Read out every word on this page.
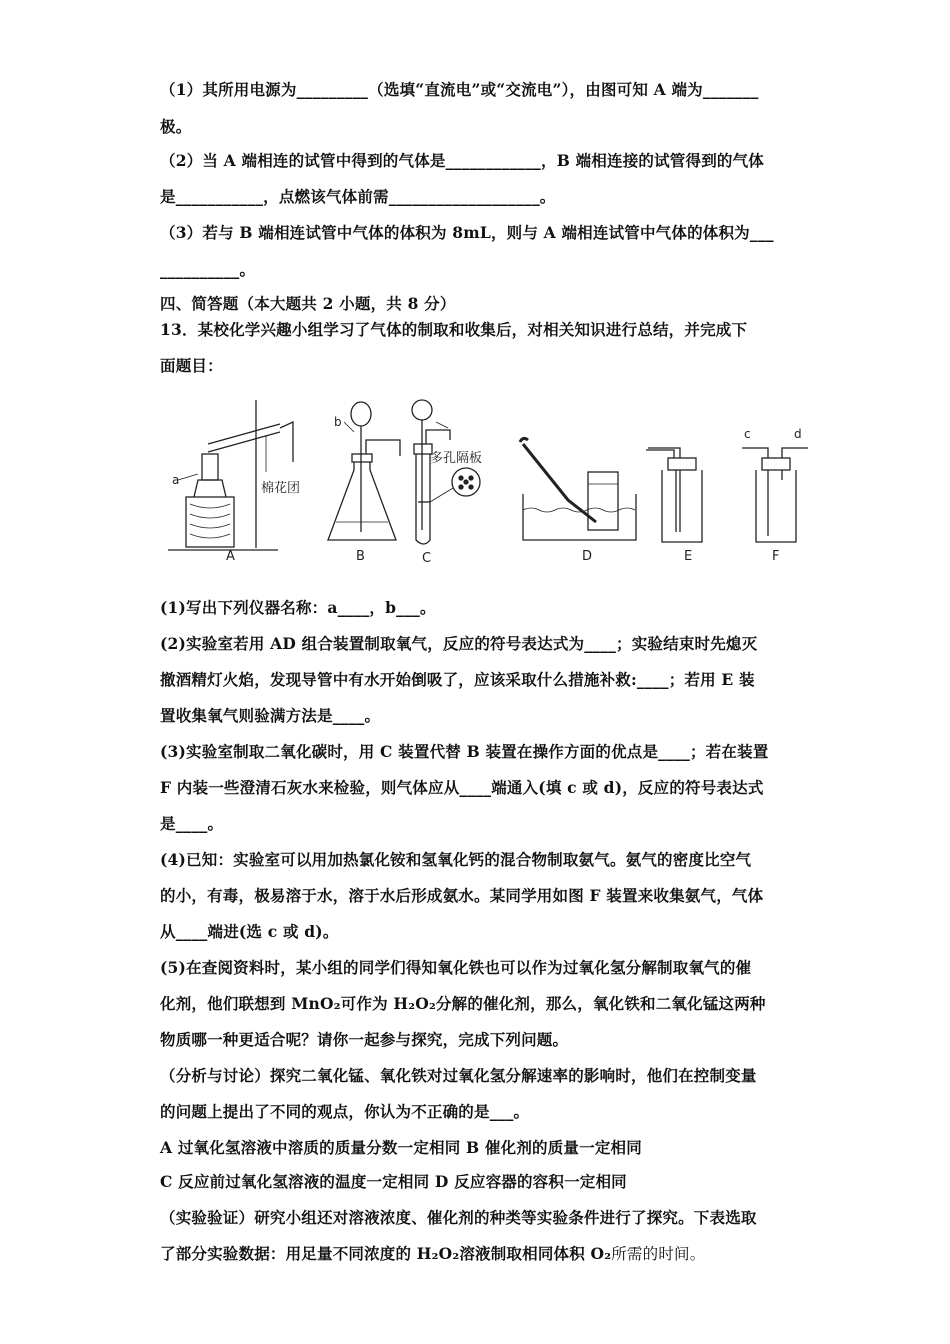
（1）其所用电源为_________（选填“直流电”或“交流电”），由图可知 A 端为_______
极。
（2）当 A 端相连的试管中得到的气体是____________，B 端相连接的试管得到的气体
是___________，点燃该气体前需___________________。
（3）若与 B 端相连试管中气体的体积为 8mL，则与 A 端相连试管中气体的体积为___
__________。
四、简答题（本大题共 2 小题，共 8 分）
13．某校化学兴趣小组学习了气体的制取和收集后，对相关知识进行总结，并完成下
面题目：
a
棉花团
A
b
B
多孔隔板
C	D	E
c	d
F
(1)写出下列仪器名称：a____，b___。
(2)实验室若用 AD 组合装置制取氧气，反应的符号表达式为____；实验结束时先熄灭
撤酒精灯火焰，发现导管中有水开始倒吸了，应该采取什么措施补救:____；若用 E 装
置收集氧气则验满方法是____。
(3)实验室制取二氧化碳时，用 C 装置代替 B 装置在操作方面的优点是____；若在装置
F 内装一些澄清石灰水来检验，则气体应从____端通入(填 c 或 d)，反应的符号表达式
是____。
(4)已知：实验室可以用加热氯化铵和氢氧化钙的混合物制取氨气。氨气的密度比空气
的小，有毒，极易溶于水，溶于水后形成氨水。某同学用如图 F 装置来收集氨气，气体
从____端进(选 c 或 d)。
(5)在查阅资料时，某小组的同学们得知氧化铁也可以作为过氧化氢分解制取氧气的催
化剂，他们联想到 MnO₂可作为 H₂O₂分解的催化剂，那么，氧化铁和二氧化锰这两种
物质哪一种更适合呢？请你一起参与探究，完成下列问题。
（分析与讨论）探究二氧化锰、氧化铁对过氧化氢分解速率的影响时，他们在控制变量
的问题上提出了不同的观点，你认为不正确的是___。
A 过氧化氢溶液中溶质的质量分数一定相同 B 催化剂的质量一定相同
C 反应前过氧化氢溶液的温度一定相同 D 反应容器的容积一定相同
（实验验证）研究小组还对溶液浓度、催化剂的种类等实验条件进行了探究。下表选取
了部分实验数据：用足量不同浓度的 H₂O₂溶液制取相同体积 O₂所需的时间。
